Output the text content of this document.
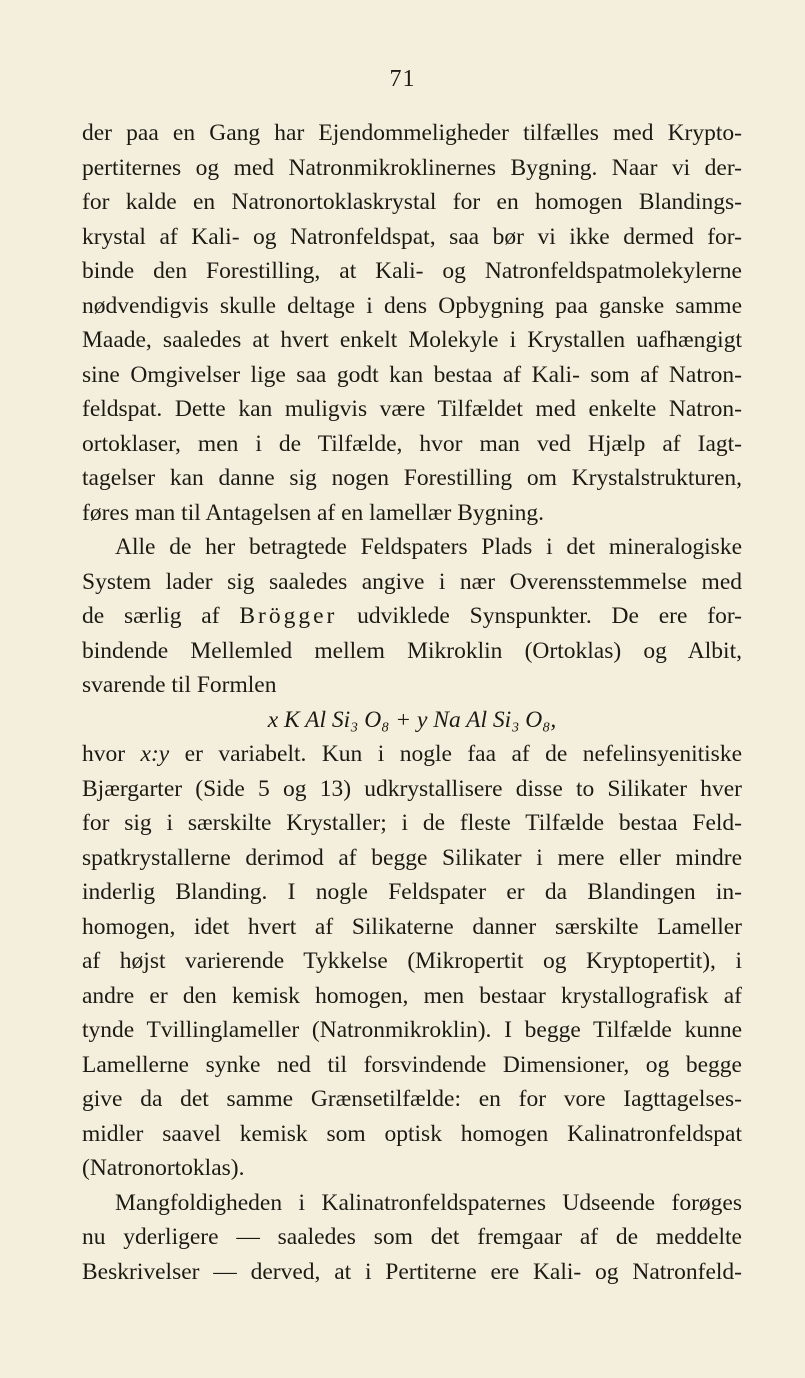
71
der paa en Gang har Ejendommeligheder tilfælles med Krypto-
pertiternes og med Natronmikroklinernes Bygning. Naar vi der-
for kalde en Natronortoklaskrystal for en homogen Blandings-
krystal af Kali- og Natronfeldspat, saa bør vi ikke dermed for-
binde den Forestilling, at Kali- og Natronfeldspatmolekylerne
nødvendigvis skulle deltage i dens Opbygning paa ganske samme
Maade, saaledes at hvert enkelt Molekyle i Krystallen uafhængigt
sine Omgivelser lige saa godt kan bestaa af Kali- som af Natron-
feldspat. Dette kan muligvis være Tilfældet med enkelte Natron-
ortoklaser, men i de Tilfælde, hvor man ved Hjælp af Iagt-
tagelser kan danne sig nogen Forestilling om Krystalstrukturen,
føres man til Antagelsen af en lamellær Bygning.
Alle de her betragtede Feldspaters Plads i det mineralogiske
System lader sig saaledes angive i nær Overensstemmelse med
de særlig af Brögger udviklede Synspunkter. De ere for-
bindende Mellemled mellem Mikroklin (Ortoklas) og Albit,
svarende til Formlen
x K Al Si₃ O₈ + y Na Al Si₃ O₈,
hvor x:y er variabelt. Kun i nogle faa af de nefelinsyenitiske
Bjærgarter (Side 5 og 13) udkrystallisere disse to Silikater hver
for sig i særskilte Krystaller; i de fleste Tilfælde bestaa Feld-
spatkrystallerne derimod af begge Silikater i mere eller mindre
inderlig Blanding. I nogle Feldspater er da Blandingen in-
homogen, idet hvert af Silikaterne danner særskilte Lameller
af højst varierende Tykkelse (Mikropertit og Kryptopertit), i
andre er den kemisk homogen, men bestaar krystallografisk af
tynde Tvillinglameller (Natronmikroklin). I begge Tilfælde kunne
Lamellerne synke ned til forsvindende Dimensioner, og begge
give da det samme Grænsetilfælde: en for vore Iagttagelses-
midler saavel kemisk som optisk homogen Kalinatronfeldspat
(Natronortoklas).
Mangfoldigheden i Kalinatronfeldspaternes Udseende forøges
nu yderligere — saaledes som det fremgaar af de meddelte
Beskrivelser — derved, at i Pertiterne ere Kali- og Natronfeld-
